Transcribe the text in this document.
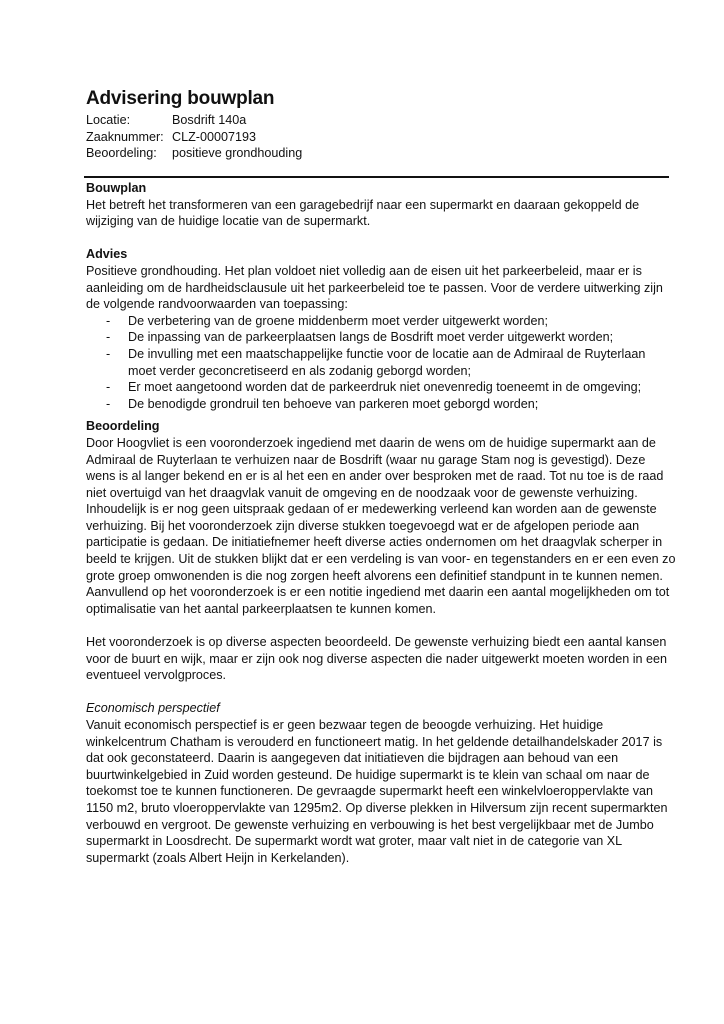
Advisering bouwplan
Locatie:	Bosdrift 140a
Zaaknummer: CLZ-00007193
Beoordeling:	positieve grondhouding

Bouwplan

Het betreft het transformeren van een garagebedrijf naar een supermarkt en daaraan gekoppeld de wijziging van de huidige locatie van de supermarkt.

Advies

Positieve grondhouding. Het plan voldoet niet volledig aan de eisen uit het parkeerbeleid, maar er is aanleiding om de hardheidsclausule uit het parkeerbeleid toe te passen. Voor de verdere uitwerking zijn de volgende randvoorwaarden van toepassing:

- De verbetering van de groene middenberm moet verder uitgewerkt worden;
- De inpassing van de parkeerplaatsen langs de Bosdrift moet verder uitgewerkt worden;
- De invulling met een maatschappelijke functie voor de locatie aan de Admiraal de Ruyterlaan moet verder geconcretiseerd en als zodanig geborgd worden;
- Er moet aangetoond worden dat de parkeerdruk niet onevenredig toeneemt in de omgeving;
- De benodigde grondruil ten behoeve van parkeren moet geborgd worden;

Beoordeling

Door Hoogvliet is een vooronderzoek ingediend met daarin de wens om de huidige supermarkt aan de Admiraal de Ruyterlaan te verhuizen naar de Bosdrift (waar nu garage Stam nog is gevestigd). Deze wens is al langer bekend en er is al het een en ander over besproken met de raad. Tot nu toe is de raad niet overtuigd van het draagvlak vanuit de omgeving en de noodzaak voor de gewenste verhuizing. Inhoudelijk is er nog geen uitspraak gedaan of er medewerking verleend kan worden aan de gewenste verhuizing. Bij het vooronderzoek zijn diverse stukken toegevoegd wat er de afgelopen periode aan participatie is gedaan. De initiatiefnemer heeft diverse acties ondernomen om het draagvlak scherper in beeld te krijgen. Uit de stukken blijkt dat er een verdeling is van voor- en tegenstanders en er een even zo grote groep omwonenden is die nog zorgen heeft alvorens een definitief standpunt in te kunnen nemen. Aanvullend op het vooronderzoek is er een notitie ingediend met daarin een aantal mogelijkheden om tot optimalisatie van het aantal parkeerplaatsen te kunnen komen.

Het vooronderzoek is op diverse aspecten beoordeeld. De gewenste verhuizing biedt een aantal kansen voor de buurt en wijk, maar er zijn ook nog diverse aspecten die nader uitgewerkt moeten worden in een eventueel vervolgproces.

Economisch perspectief

Vanuit economisch perspectief is er geen bezwaar tegen de beoogde verhuizing. Het huidige winkelcentrum Chatham is verouderd en functioneert matig. In het geldende detailhandelskader 2017 is dat ook geconstateerd. Daarin is aangegeven dat initiatieven die bijdragen aan behoud van een buurtwinkelgebied in Zuid worden gesteund. De huidige supermarkt is te klein van schaal om naar de toekomst toe te kunnen functioneren. De gevraagde supermarkt heeft een winkelvloeroppervlakte van 1150 m2, bruto vloeroppervlakte van 1295m2. Op diverse plekken in Hilversum zijn recent supermarkten verbouwd en vergroot. De gewenste verhuizing en verbouwing is het best vergelijkbaar met de Jumbo supermarkt in Loosdrecht. De supermarkt wordt wat groter, maar valt niet in de categorie van XL supermarkt (zoals Albert Heijn in Kerkelanden).
